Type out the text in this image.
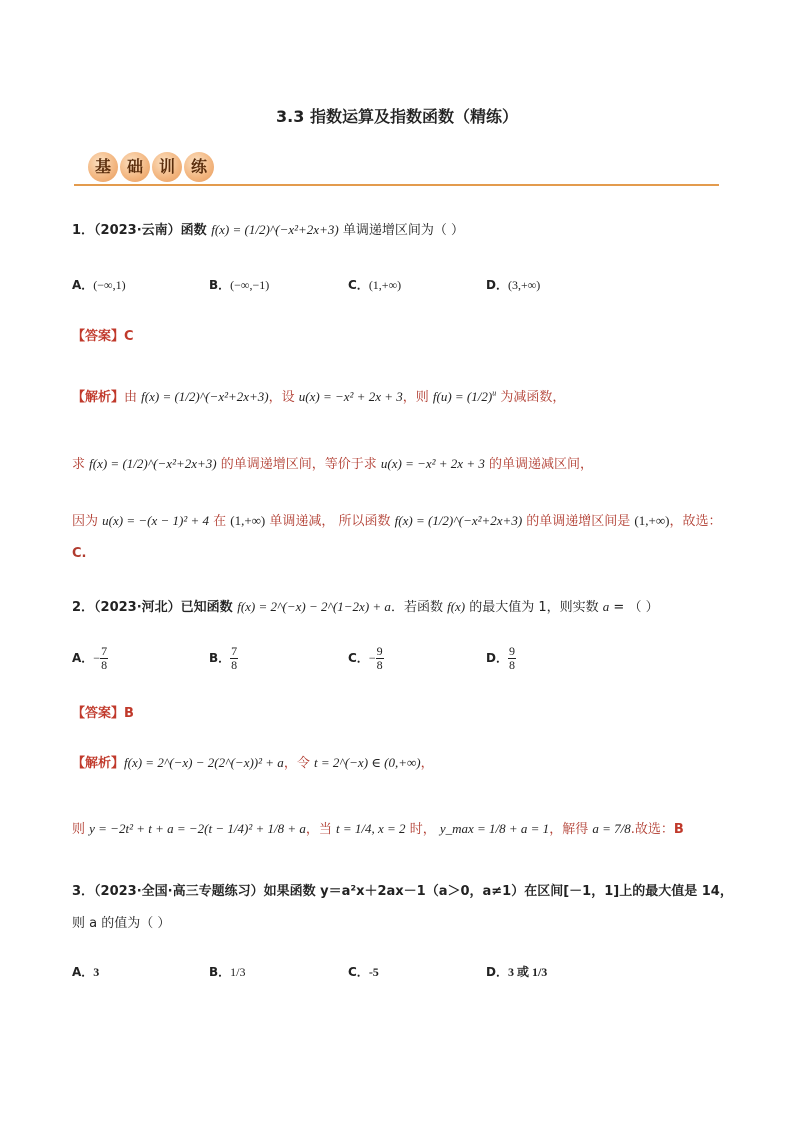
3.3 指数运算及指数函数（精练）
基 础 训 练
1．（2023·云南）函数 f(x) = (1/2)^(−x²+2x+3) 单调递增区间为（ ）
A．(−∞,1)	B．(−∞,−1)	C．(1,+∞)	D．(3,+∞)
【答案】C
【解析】由 f(x) = (1/2)^(−x²+2x+3)，设 u(x) = −x² + 2x + 3，则 $f(u) = (1/2)^u$ 为减函数，
求 f(x) = (1/2)^(−x²+2x+3) 的单调递增区间，等价于求 u(x) = −x² + 2x + 3 的单调递减区间，
因为 u(x) = −(x − 1)² + 4 在 (1,+∞) 单调递减， 所以函数 f(x) = (1/2)^(−x²+2x+3) 的单调递增区间是 (1,+∞)，故选：
C.
2．（2023·河北）已知函数 f(x) = 2^(−x) − 2^(1−2x) + a．若函数 f(x) 的最大值为 1，则实数 a = （ ）
A．− $\frac{7}{8}$	B． $\frac{7}{8}$	C．− $\frac{9}{8}$	D． $\frac{9}{8}$
【答案】B
【解析】f(x) = 2^(−x) − 2(2^(−x))² + a，令 t = 2^(−x) ∈ (0,+∞)，
则 y = −2t² + t + a = −2(t − 1/4)² + 1/8 + a，当 t = 1/4, x = 2 时， y_max = 1/8 + a = 1，解得 a = 7/8.故选：B
3．（2023·全国·高三专题练习）如果函数 y＝a²x＋2ax－1（a＞0，a≠1）在区间[－1，1]上的最大值是 14，
则 a 的值为（ ）
A．3	B．1/3	C．-5	D．3 或 1/3
